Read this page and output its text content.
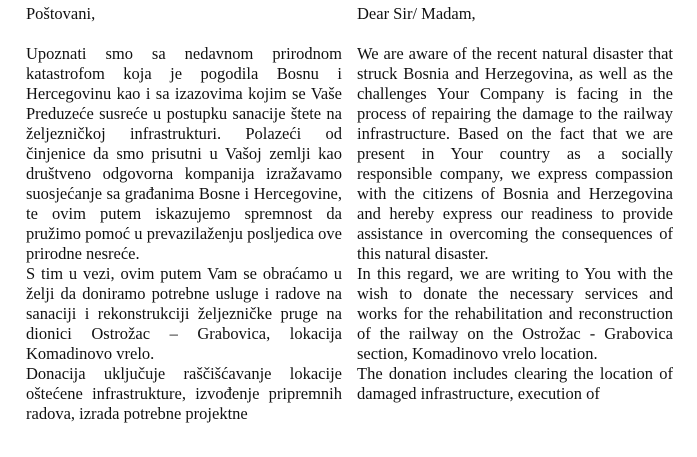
Poštovani,

Upoznati smo sa nedavnom prirodnom katastrofom koja je pogodila Bosnu i Hercegovinu kao i sa izazovima kojim se Vaše Preduzeće susreće u postupku sanacije štete na željezničkoj infrastrukturi. Polazeći od činjenice da smo prisutni u Vašoj zemlji kao društveno odgovorna kompanija izražavamo suosjećanje sa građanima Bosne i Hercegovine, te ovim putem iskazujemo spremnost da pružimo pomoć u prevazilaženju posljedica ove prirodne nesreće.

S tim u vezi, ovim putem Vam se obraćamo u želji da doniramo potrebne usluge i radove na sanaciji i rekonstrukciji željezničke pruge na dionici Ostrožac – Grabovica, lokacija Komadinovo vrelo.

Donacija uključuje raščišćavanje lokacije oštećene infrastrukture, izvođenje pripremnih radova, izrada potrebne projektne

Dear Sir/ Madam,

We are aware of the recent natural disaster that struck Bosnia and Herzegovina, as well as the challenges Your Company is facing in the process of repairing the damage to the railway infrastructure. Based on the fact that we are present in Your country as a socially responsible company, we express compassion with the citizens of Bosnia and Herzegovina and hereby express our readiness to provide assistance in overcoming the consequences of this natural disaster.

In this regard, we are writing to You with the wish to donate the necessary services and works for the rehabilitation and reconstruction of the railway on the Ostrožac - Grabovica section, Komadinovo vrelo location.

The donation includes clearing the location of damaged infrastructure, execution of
